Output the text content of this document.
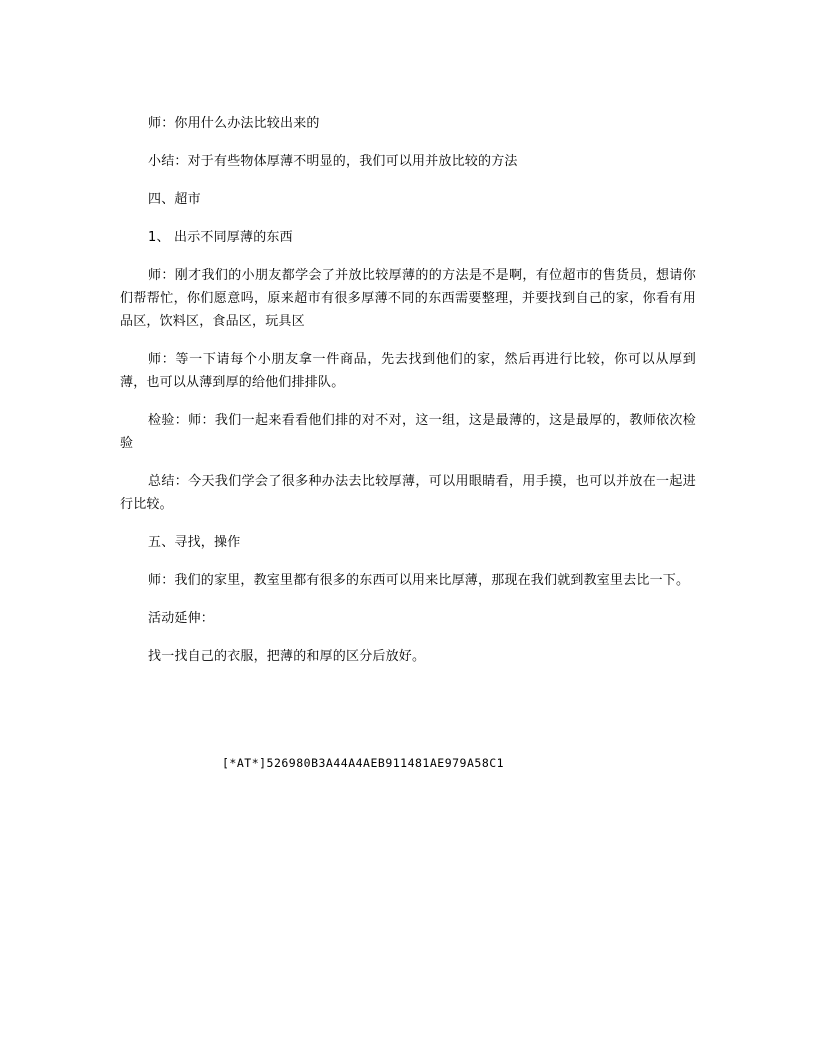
师：你用什么办法比较出来的

小结：对于有些物体厚薄不明显的，我们可以用并放比较的方法

四、超市

1、 出示不同厚薄的东西

师：刚才我们的小朋友都学会了并放比较厚薄的的方法是不是啊，有位超市的售货员，想请你们帮帮忙，你们愿意吗，原来超市有很多厚薄不同的东西需要整理，并要找到自己的家，你看有用品区，饮料区，食品区，玩具区

师：等一下请每个小朋友拿一件商品，先去找到他们的家，然后再进行比较，你可以从厚到薄，也可以从薄到厚的给他们排排队。

检验：师：我们一起来看看他们排的对不对，这一组，这是最薄的，这是最厚的，教师依次检验

总结：今天我们学会了很多种办法去比较厚薄，可以用眼睛看，用手摸，也可以并放在一起进行比较。

五、寻找，操作

师：我们的家里，教室里都有很多的东西可以用来比厚薄，那现在我们就到教室里去比一下。

活动延伸：

找一找自己的衣服，把薄的和厚的区分后放好。

[*AT*]526980B3A44A4AEB911481AE979A58C1
